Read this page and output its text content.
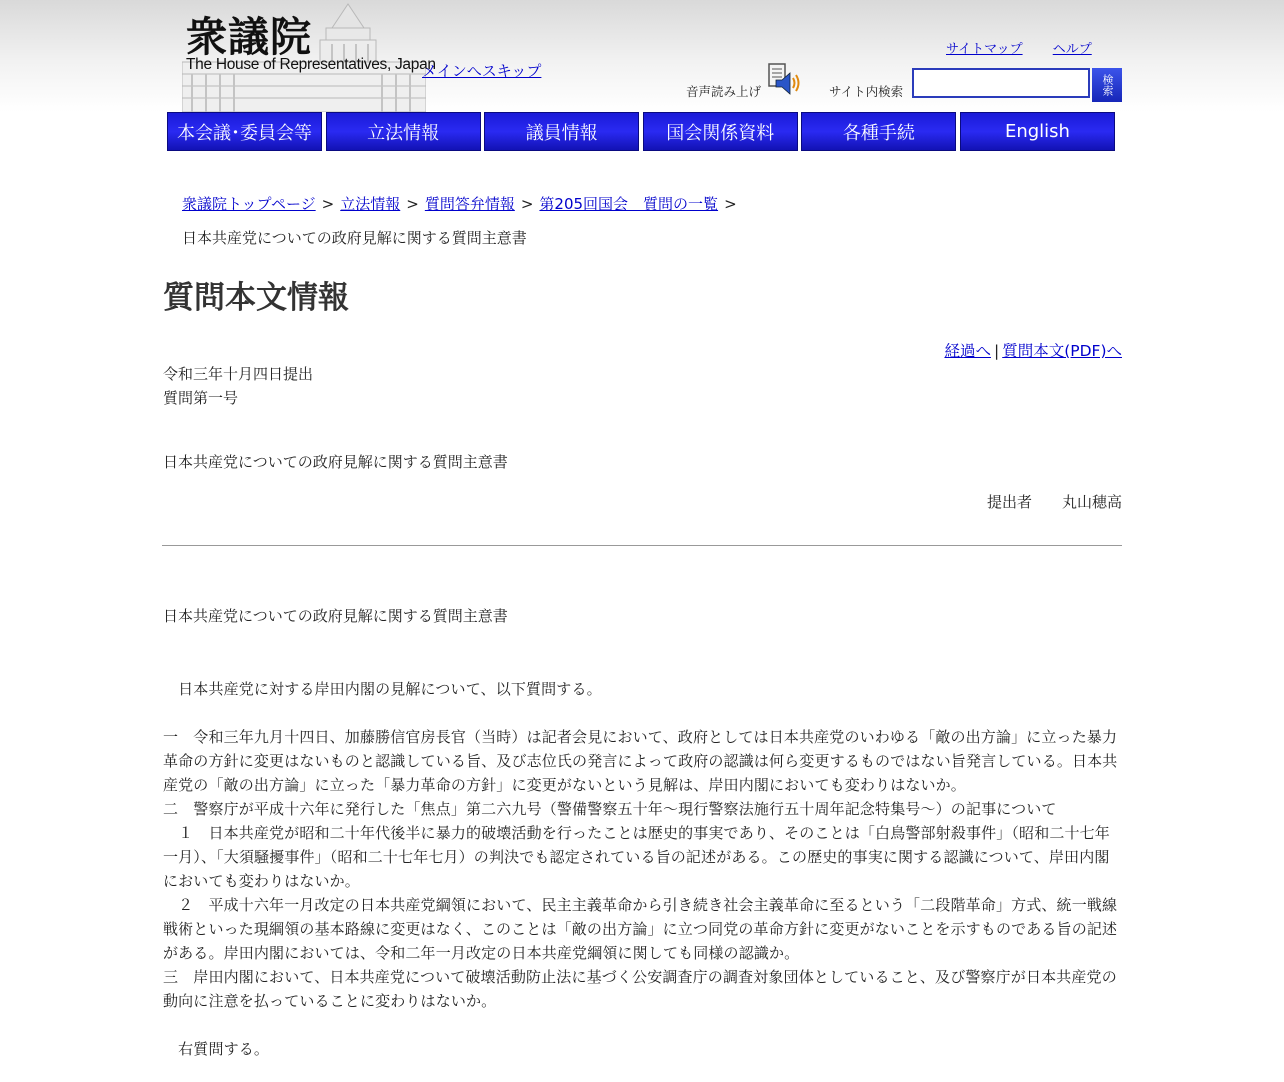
衆議院
The House of Representatives, Japan
メインへスキップ
サイトマップ ヘルプ
音声読み上げ	サイト内検索	検索
本会議･委員会等	立法情報	議員情報	国会関係資料	各種手続	English
衆議院トップページ > 立法情報 > 質問答弁情報 > 第205回国会　質問の一覧 >
日本共産党についての政府見解に関する質問主意書
質問本文情報
経過へ | 質問本文(PDF)へ
令和三年十月四日提出
質問第一号
日本共産党についての政府見解に関する質問主意書
提出者　　丸山穂高
日本共産党についての政府見解に関する質問主意書

　日本共産党に対する岸田内閣の見解について、以下質問する。

一　令和三年九月十四日、加藤勝信官房長官（当時）は記者会見において、政府としては日本共産党のいわゆる「敵の出方論」に立った暴力革命の方針に変更はないものと認識している旨、及び志位氏の発言によって政府の認識は何ら変更するものではない旨発言している。日本共産党の「敵の出方論」に立った「暴力革命の方針」に変更がないという見解は、岸田内閣においても変わりはないか。

二　警察庁が平成十六年に発行した「焦点」第二六九号（警備警察五十年〜現行警察法施行五十周年記念特集号〜）の記事について

　１　日本共産党が昭和二十年代後半に暴力的破壊活動を行ったことは歴史的事実であり、そのことは「白鳥警部射殺事件」（昭和二十七年一月）、「大須騒擾事件」（昭和二十七年七月）の判決でも認定されている旨の記述がある。この歴史的事実に関する認識について、岸田内閣においても変わりはないか。

　２　平成十六年一月改定の日本共産党綱領において、民主主義革命から引き続き社会主義革命に至るという「二段階革命」方式、統一戦線戦術といった現綱領の基本路線に変更はなく、このことは「敵の出方論」に立つ同党の革命方針に変更がないことを示すものである旨の記述がある。岸田内閣においては、令和二年一月改定の日本共産党綱領に関しても同様の認識か。

三　岸田内閣において、日本共産党について破壊活動防止法に基づく公安調査庁の調査対象団体としていること、及び警察庁が日本共産党の動向に注意を払っていることに変わりはないか。

　右質問する。
